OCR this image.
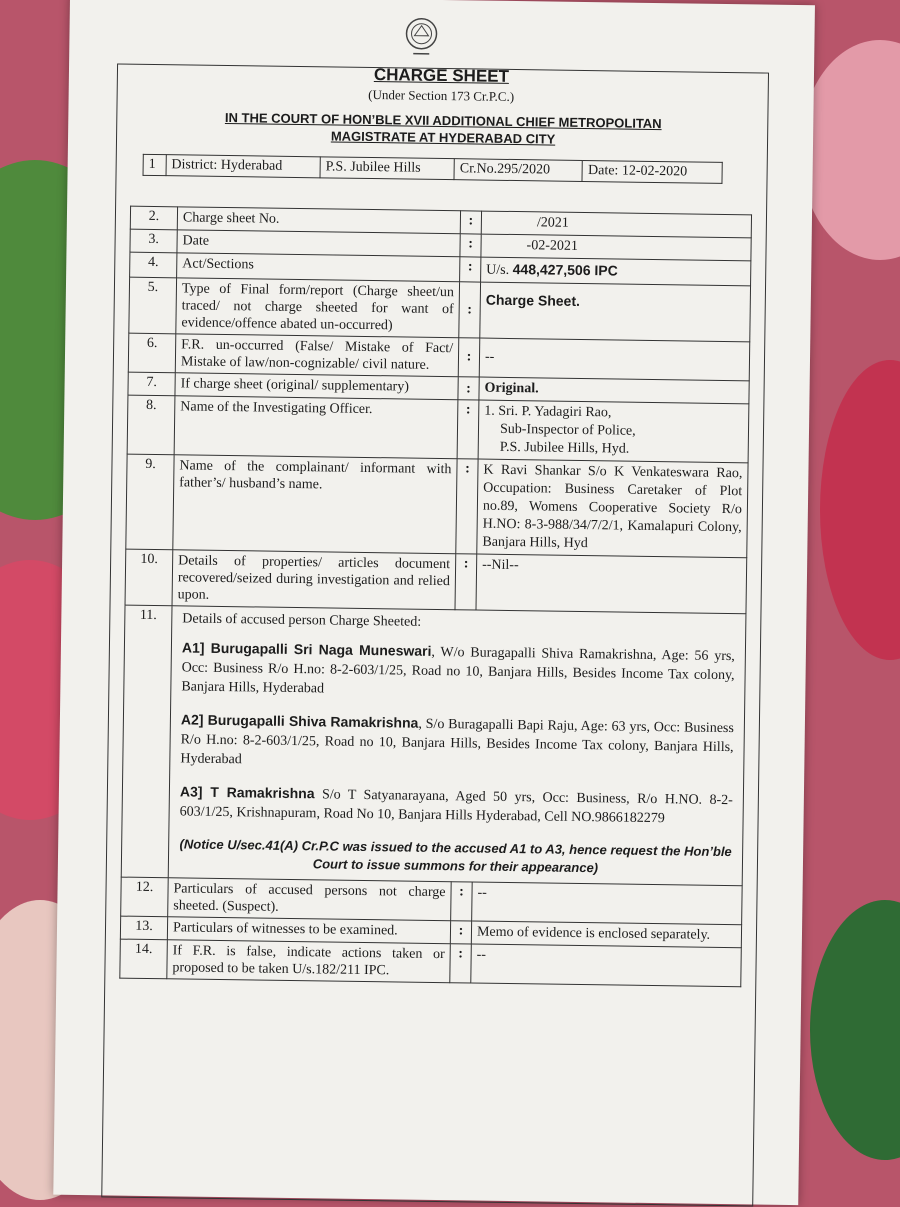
CHARGE SHEET
(Under Section 173 Cr.P.C.)
IN THE COURT OF HON’BLE XVII ADDITIONAL CHIEF METROPOLITAN
MAGISTRATE AT HYDERABAD CITY
1	District: Hyderabad	P.S. Jubilee Hills	Cr.No.295/2020	Date: 12-02-2020
2.	Charge sheet No.	:	/2021
3.	Date	:	-02-2021
4.	Act/Sections	:	U/s. 448,427,506 IPC
5.	Type of Final form/report (Charge sheet/un traced/ not charge sheeted for want of evidence/offence abated un-occurred)	:	Charge Sheet.
6.	F.R. un-occurred (False/ Mistake of Fact/ Mistake of law/non-cognizable/ civil nature.	:	--
7.	If charge sheet (original/ supplementary)	:	Original.
8.	Name of the Investigating Officer.	:	1. Sri. P. Yadagiri Rao,
Sub-Inspector of Police,
P.S. Jubilee Hills, Hyd.

9.	Name of the complainant/ informant with father’s/ husband’s name.	:	K Ravi Shankar S/o K Venkateswara Rao, Occupation: Business Caretaker of Plot no.89, Womens Cooperative Society R/o H.NO: 8-3-988/34/7/2/1, Kamalapuri Colony, Banjara Hills, Hyd
10.	Details of properties/ articles document recovered/seized during investigation and relied upon.	:	--Nil--
11.	Details of accused person Charge Sheeted:

A1] Burugapalli Sri Naga Muneswari, W/o Buragapalli Shiva Ramakrishna, Age: 56 yrs, Occ: Business R/o H.no: 8-2-603/1/25, Road no 10, Banjara Hills, Besides Income Tax colony, Banjara Hills, Hyderabad

A2] Burugapalli Shiva Ramakrishna, S/o Buragapalli Bapi Raju, Age: 63 yrs, Occ: Business R/o H.no: 8-2-603/1/25, Road no 10, Banjara Hills, Besides Income Tax colony, Banjara Hills, Hyderabad

A3] T Ramakrishna S/o T Satyanarayana, Aged 50 yrs, Occ: Business, R/o H.NO. 8-2-603/1/25, Krishnapuram, Road No 10, Banjara Hills Hyderabad, Cell NO.9866182279

(Notice U/sec.41(A) Cr.P.C was issued to the accused A1 to A3, hence request the Hon’ble Court to issue summons for their appearance)		

12.	Particulars of accused persons not charge sheeted. (Suspect).	:	--
13.	Particulars of witnesses to be examined.	:	Memo of evidence is enclosed separately.
14.	If F.R. is false, indicate actions taken or proposed to be taken U/s.182/211 IPC.	:	--
